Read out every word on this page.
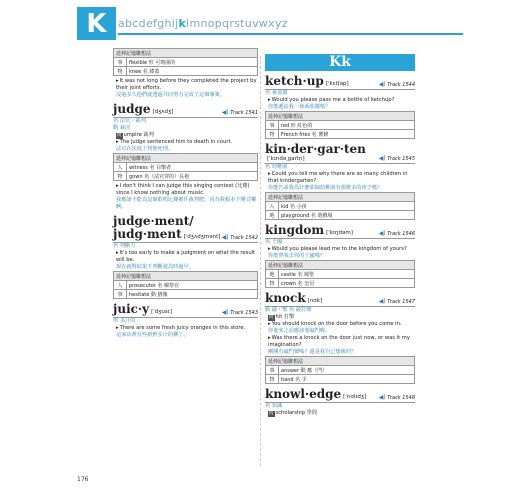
K	abcdefghijklmnopqrstuvwxyz
延伸記憶聯想法	
事	flexible 形 可彎曲的
物	knee 名 膝蓋
▸ It was not long before they completed the project by their joint efforts.
沒過多久他們就透過共同努力完成了這個專案。
judge [dʒʌdʒ]	◀) Track 1541
名 法官・裁判
動 裁決
同 umpire 裁判
▸ The judge sentenced him to death in court.
法官在法庭上判他死刑。
延伸記憶聯想法	
人	witness 名 目擊者
物	gown 名（法官穿的）長袍
▸ I don't think I can judge this singing contest (比賽) since I know nothing about music.
我應該不能為這個歌唱比賽擔任裁判吧，因為我根本不懂音樂啊。
judge·ment/
judg·ment [ˈdʒʌdʒmənt] ◀) Track 1542
名 判斷力
▸ It's too early to make a judgment on what the result will be.
現在就對結果下判斷還為時過早。
延伸記憶聯想法	
人	prosecutor 名 檢察官
事	hesitate 動 猶豫
juic·y [ˈdʒusɪ]	◀) Track 1543
形 多汁的
▸ There are some fresh juicy oranges in this store.
這家店裡有些新鮮多汁的柳丁。
Kk
ketch·up [ˈkɛtʃəp]	◀) Track 1544
名 番茄醬
▸ Would you please pass me a bottle of ketchup?
你能遞給我一瓶番茄醬嗎？
延伸記憶聯想法	
事	red 形 紅色的
物	French fries 名 薯條
kin·der·gar·ten
[ˈkɪndə͵gartn̩]	◀) Track 1545
名 幼稚園
▸ Could you tell me why there are so many children in that kindergarten?
你能告訴我為什麼那個幼稚園有那麼多的孩子嗎？
延伸記憶聯想法	
人	kid 名 小孩
地	playground 名 遊戲場
kingdom [ˈkɪŋdəm]	◀) Track 1546
名 王國
▸ Would you please lead me to the kingdom of yours?
你能帶我去你的王國嗎？
延伸記憶聯想法	
地	castle 名 城堡
物	crown 名 皇冠
knock [nɑk]	◀) Track 1547
動 敲・擊 名 敲打聲
同 hit 打擊
▸ You should knock on the door before you come in.
你進來之前應該要敲門喔。
▸ Was there a knock on the door just now, or was it my imagination?
剛剛有敲門聲嗎？還是我自己想像的？
延伸記憶聯想法	
事	answer 動 應（門）
物	hand 名 手
knowl·edge [ˈnɑlɪdʒ] ◀) Track 1548
名 知識
同 scholarship 學問
176
